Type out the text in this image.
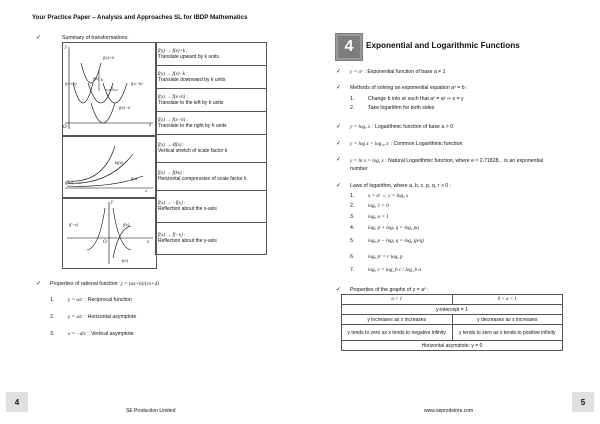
Your Practice Paper – Analysis and Approaches SL for IBDP Mathematics
✓	Summary of transformations:
y
x
O
k
h
f(x)+k
f(x+h)
f(x)
f(x−h)
f(x)−k
kf(x)
f(x)
f(kx)
x
y
x
O
f(−x)	f(x)
−f(x)
f(x) → f(x)+k :
Translate upward by k units

f(x) → f(x)−k :
Translate downward by k units

f(x) → f(x+h) :
Translate to the left by h units

f(x) → f(x−h) :
Translate to the right by h units

f(x) → kf(x) :
Vertical stretch of scale factor k

f(x) → f(kx) :
Horizontal compression of scale factor k

f(x) → −f(x) :
Reflection about the x-axis

f(x) → f(−x) :
Reflection about the y-axis
✓ Properties of rational function y = (ax+b)/(cx+d)
1.	y = a/c : Reciprocal function
2.	y = a/c : Horizontal asymptote
3.	x = −d/c : Vertical asymptote
4
SE Production Limited
4	Exponential and Logarithmic Functions
✓ y = aˣ : Exponential function of base a ≠ 1
✓ Methods of solving an exponential equation aˣ = b :
1.	Change b into aʸ such that aˣ = aʸ ⇒ x = y
2.	Take logarithm for both sides
✓ y = logₐ x : Logarithmic function of base a > 0
✓ y = log x = log₁₀ x : Common Logarithmic function
✓ y = ln x = logₑ x : Natural Logarithmic function, where e ≈ 2.71828... is an exponential number
✓ Laws of logarithm, where a, b, c, p, q, r > 0 :
1.	x = aʸ ⇔ y = logₐ x
2.	logₐ 1 = 0
3.	logₐ a = 1
4.	logₐ p + logₐ q = logₐ pq
5.	logₐ p − logₐ q = logₐ (p/q)
6.	logₐ pʳ = r logₐ p
7.	logₐ c = log_b c / log_b a
✓ Properties of the graphs of y = aˣ :
a > 1	0 < a < 1
y-intercept = 1	
y increases as x increases	y decreases as x increases
y tends to zero as x tends to negative infinity	y tends to zero as x tends to positive infinity
Horizontal asymptote: y = 0	
5
www.seprodstore.com
